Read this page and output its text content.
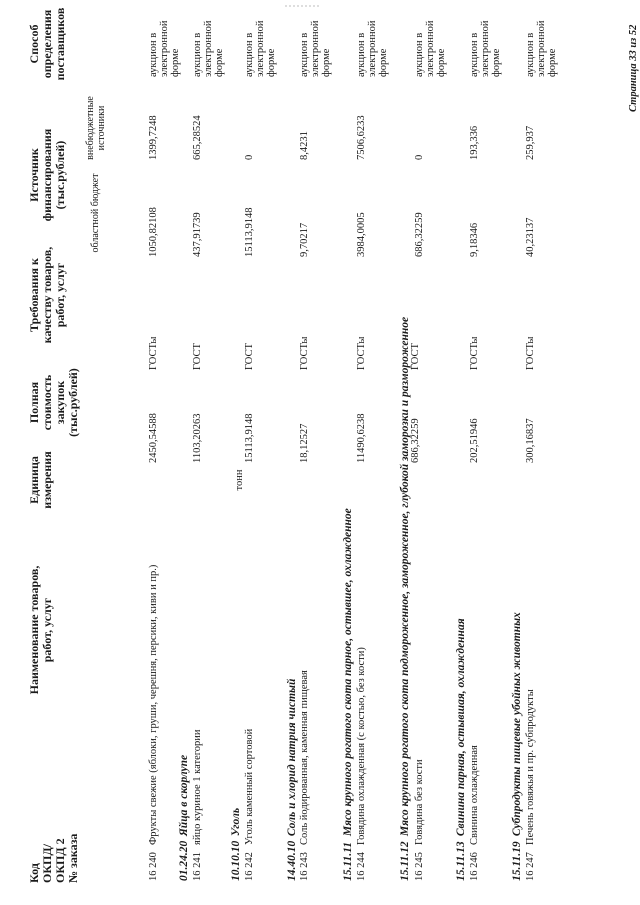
Код ОКПД/ ОКПД 2 № заказа
Наименование товаров, работ, услуг
Единица измерения
Полная стоимость закупок (тыс.рублей)
Требования к качеству товаров, работ, услуг
Источник финансирования (тыс.рублей) областной бюджет
внебюджетные источники
Способ определения поставщиков
16 240
Фрукты свежие (яблоки, груши, черешня, персики, киви и пр.)
2450,54588
ГОСТы
1050,82108
1399,7248
аукцион в электронной форме
01.24.20 Яйца в скорлупе
16 241
яйцо куриное 1 категории
1103,20263
ГОСТ
437,91739
665,28524
аукцион в электронной форме
10.10.10 Уголь
16 242
Уголь каменный сортовой
тонн
15113,9148
ГОСТ
15113,9148
0
аукцион в электронной форме
14.40.10 Соль и хлорид натрия чистый
16 243
Соль йодированная, каменная пищевая
18,12527
ГОСТы
9,70217
8,4231
аукцион в электронной форме
15.11.11 Мясо крупного рогатого скота парное, остывшее, охлажденное
16 244
Говядина охлажденная (с костью, без кости)
11490,6238
ГОСТы
3984,0005
7506,6233
аукцион в электронной форме
15.11.12 Мясо крупного рогатого скота подмороженное, замороженное, глубокой заморозки и размороженное
16 245
Говядина без кости
686,32259
ГОСТ
686,32259
0
аукцион в электронной форме
15.11.13 Свинина парная, остывшая, охлажденная
16 246
Свинина охлажденная
202,51946
ГОСТы
9,18346
193,336
аукцион в электронной форме
15.11.19 Субпродукты пищевые убойных животных
16 247
Печень говяжья и пр. субпродукты
300,16837
ГОСТы
40,23137
259,937
аукцион в электронной форме	Страница 33 из 52
